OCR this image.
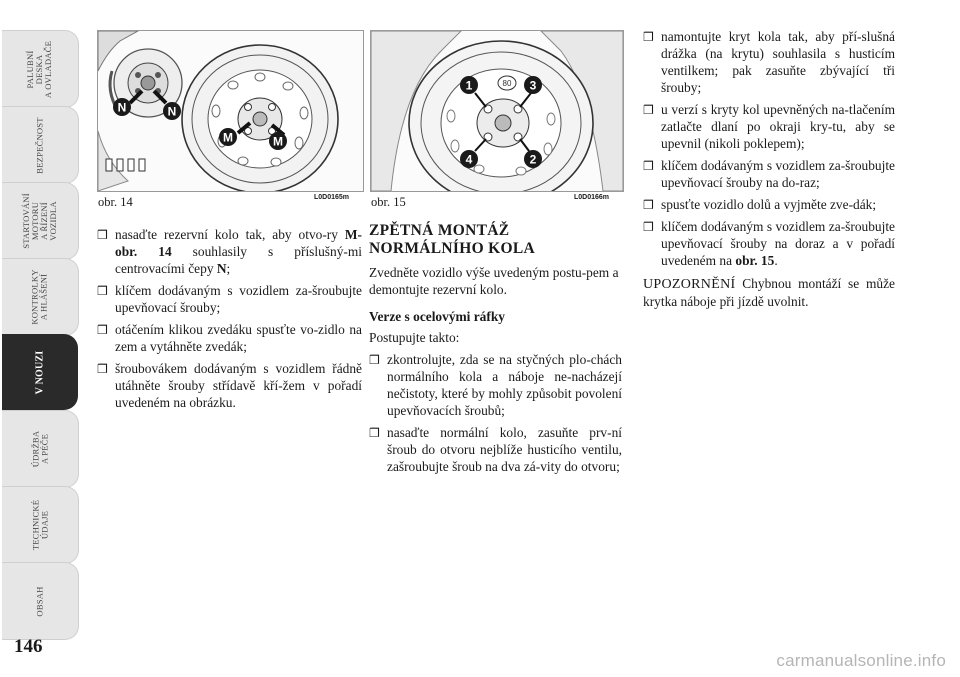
PALUBNÍ
DESKA
A OVLADAČE
BEZPEČNOST
STARTOVÁNÍ
MOTORU
A ŘÍZENÍ
VOZIDLA
KONTROLKY
A HLÁŠENÍ
V NOUZI
ÚDRŽBA
A PÉČE
TECHNICKÉ
ÚDAJE
OBSAH
146
N	N
M	M
obr. 14	L0D0165m
80
1	3
4	2
obr. 15	L0D0166m
❒ nasaďte rezervní kolo tak, aby otvo-ry M-obr. 14 souhlasily s příslušný-mi centrovacími čepy N;
❒ klíčem dodávaným s vozidlem za-šroubujte upevňovací šrouby;
❒ otáčením klikou zvedáku spusťte vo-zidlo na zem a vytáhněte zvedák;
❒ šroubovákem dodávaným s vozidlem řádně utáhněte šrouby střídavě kří-žem v pořadí uvedeném na obrázku.
ZPĚTNÁ MONTÁŽ
NORMÁLNÍHO KOLA

Zvedněte vozidlo výše uvedeným postu-pem a demontujte rezervní kolo.

Verze s ocelovými ráfky

Postupujte takto:

❒ zkontrolujte, zda se na styčných plo-chách normálního kola a náboje ne-nacházejí nečistoty, které by mohly způsobit povolení upevňovacích šroubů;
❒ nasaďte normální kolo, zasuňte prv-ní šroub do otvoru nejblíže husticího ventilu, zašroubujte šroub na dva zá-vity do otvoru;
❒ namontujte kryt kola tak, aby pří-slušná drážka (na krytu) souhlasila s husticím ventilkem; pak zasuňte zbývající tři šrouby;
❒ u verzí s kryty kol upevněných na-tlačením zatlačte dlaní po okraji kry-tu, aby se upevnil (nikoli poklepem);
❒ klíčem dodávaným s vozidlem za-šroubujte upevňovací šrouby na do-raz;
❒ spusťte vozidlo dolů a vyjměte zve-dák;
❒ klíčem dodávaným s vozidlem za-šroubujte upevňovací šrouby na doraz a v pořadí uvedeném na obr. 15.

UPOZORNĚNÍ Chybnou montáží se může krytka náboje při jízdě uvolnit.

carmanualsonline.info
